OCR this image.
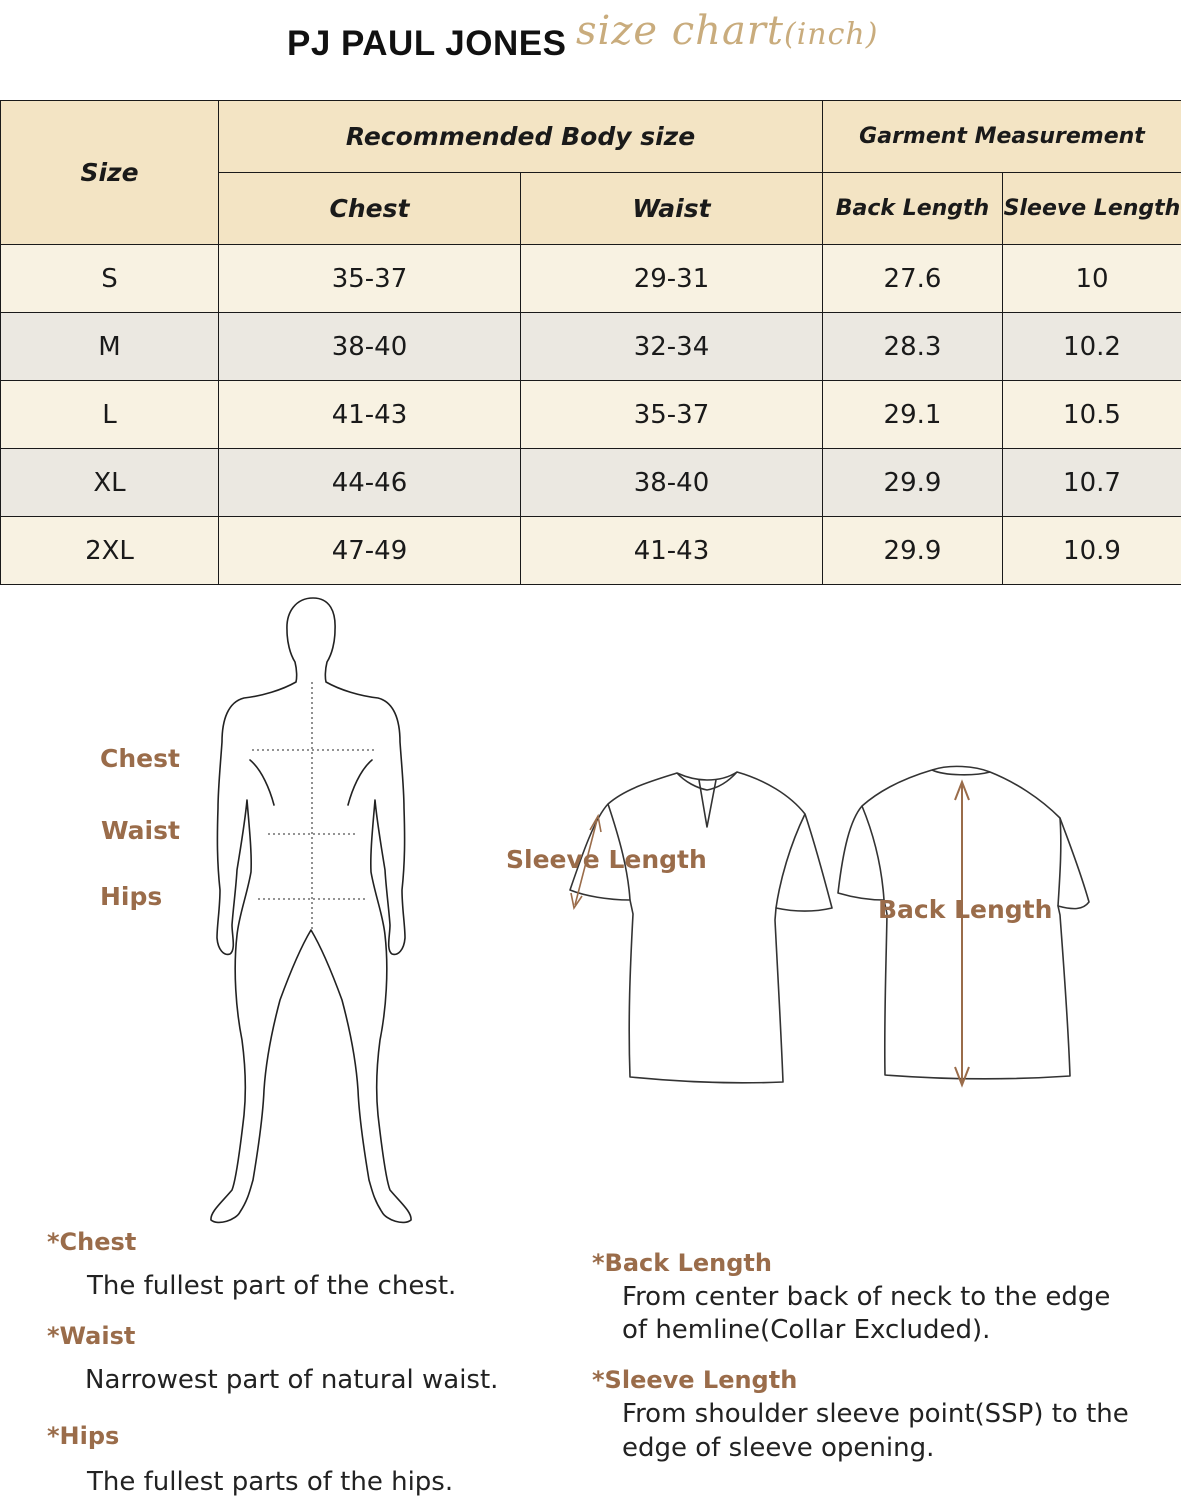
PJ PAUL JONES size chart(inch)
Size	Recommended Body size		Garment Measurement	
	Chest	Waist	Back Length	Sleeve Length
S	35-37	29-31	27.6	10
M	38-40	32-34	28.3	10.2
L	41-43	35-37	29.1	10.5
XL	44-46	38-40	29.9	10.7
2XL	47-49	41-43	29.9	10.9
Chest
Waist
Hips
Sleeve Length
Back Length
*Chest
The fullest part of the chest.
*Waist
Narrowest part of natural waist.
*Hips
The fullest parts of the hips.
*Back Length
From center back of neck to the edge
of hemline(Collar Excluded).
*Sleeve Length
From shoulder sleeve point(SSP) to the
edge of sleeve opening.
